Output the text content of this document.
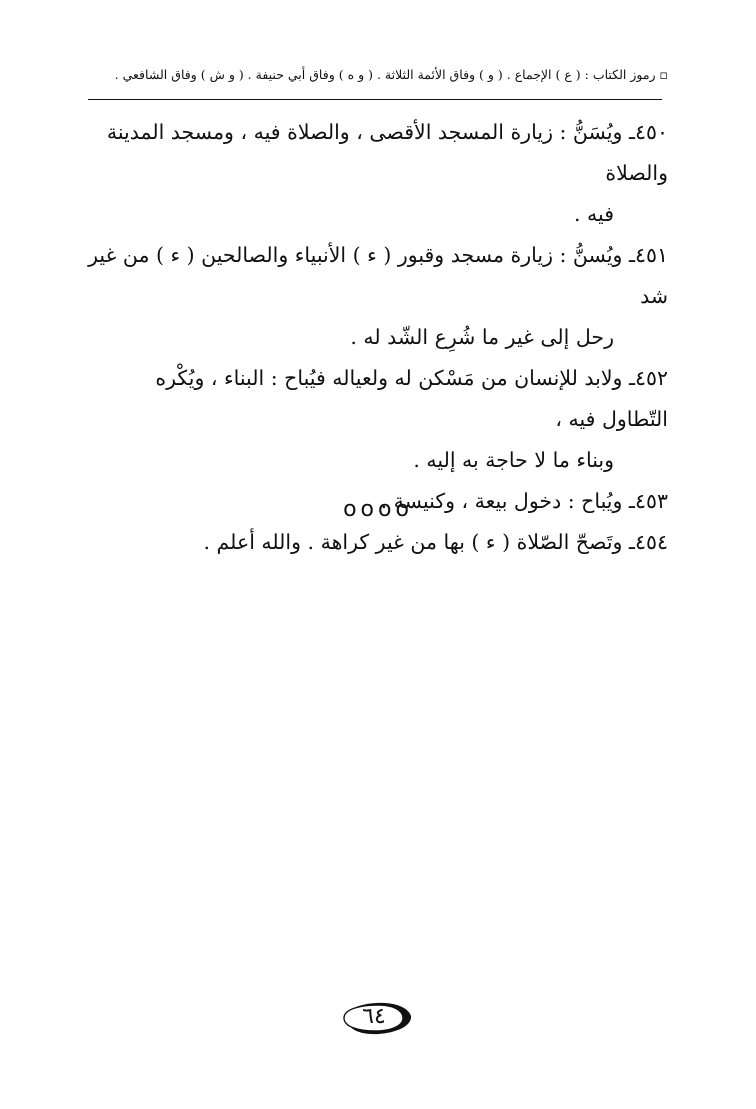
▫ رموز الكتاب : ( ع ) الإجماع . ( و ) وفاق الأئمة الثلاثة . ( و ه ) وفاق أبي حنيفة . ( و ش ) وفاق الشافعي .

٤٥٠ـ ويُسَنُّ : زيارة المسجد الأقصى ، والصلاة فيه ، ومسجد المدينة والصلاة
فيه .

٤٥١ـ ويُسنُّ : زيارة مسجد وقبور ( ء ) الأنبياء والصالحين ( ء ) من غير شد
رحل إلى غير ما شُرِع الشّد له .

٤٥٢ـ ولابد للإنسان من مَسْكن له ولعياله فيُباح : البناء ، ويُكْره التّطاول فيه ،
وبناء ما لا حاجة به إليه .

٤٥٣ـ ويُباح : دخول بيعة ، وكنيسة .

٤٥٤ـ وتَصحّ الصّلاة ( ء ) بها من غير كراهة . والله أعلم .

oooo
٦٤
